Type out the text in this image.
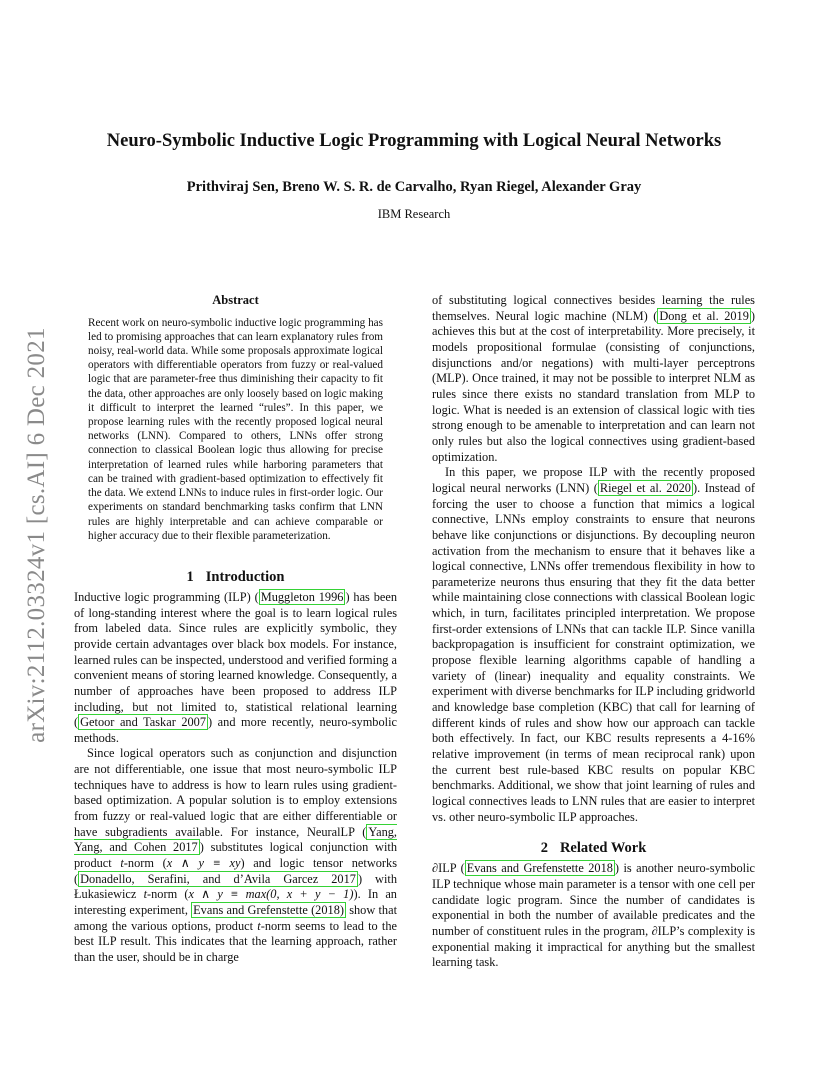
arXiv:2112.03324v1 [cs.AI] 6 Dec 2021
Neuro-Symbolic Inductive Logic Programming with Logical Neural Networks
Prithviraj Sen, Breno W. S. R. de Carvalho, Ryan Riegel, Alexander Gray
IBM Research
Abstract

Recent work on neuro-symbolic inductive logic programming has led to promising approaches that can learn explanatory rules from noisy, real-world data. While some proposals approximate logical operators with differentiable operators from fuzzy or real-valued logic that are parameter-free thus diminishing their capacity to fit the data, other approaches are only loosely based on logic making it difficult to interpret the learned “rules”. In this paper, we propose learning rules with the recently proposed logical neural networks (LNN). Compared to others, LNNs offer strong connection to classical Boolean logic thus allowing for precise interpretation of learned rules while harboring parameters that can be trained with gradient-based optimization to effectively fit the data. We extend LNNs to induce rules in first-order logic. Our experiments on standard benchmarking tasks confirm that LNN rules are highly interpretable and can achieve comparable or higher accuracy due to their flexible parameterization.

1 Introduction

Inductive logic programming (ILP) ( Muggleton 1996 ) has been of long-standing interest where the goal is to learn logical rules from labeled data. Since rules are explicitly symbolic, they provide certain advantages over black box models. For instance, learned rules can be inspected, understood and verified forming a convenient means of storing learned knowledge. Consequently, a number of approaches have been proposed to address ILP including, but not limited to, statistical relational learning ( Getoor and Taskar 2007 ) and more recently, neuro-symbolic methods.

Since logical operators such as conjunction and disjunction are not differentiable, one issue that most neuro-symbolic ILP techniques have to address is how to learn rules using gradient-based optimization. A popular solution is to employ extensions from fuzzy or real-valued logic that are either differentiable or have subgradients available. For instance, NeuralLP ( Yang, Yang, and Cohen 2017 ) substitutes logical conjunction with product t-norm (x ∧ y ≡ xy) and logic tensor networks ( Donadello, Serafini, and d’Avila Garcez 2017 ) with Łukasiewicz t-norm (x ∧ y ≡ max(0, x + y − 1)). In an interesting experiment, Evans and Grefenstette (2018) show that among the various options, product t-norm seems to lead to the best ILP result. This indicates that the learning approach, rather than the user, should be in charge

of substituting logical connectives besides learning the rules themselves. Neural logic machine (NLM) ( Dong et al. 2019 ) achieves this but at the cost of interpretability. More precisely, it models propositional formulae (consisting of conjunctions, disjunctions and/or negations) with multi-layer perceptrons (MLP). Once trained, it may not be possible to interpret NLM as rules since there exists no standard translation from MLP to logic. What is needed is an extension of classical logic with ties strong enough to be amenable to interpretation and can learn not only rules but also the logical connectives using gradient-based optimization.

In this paper, we propose ILP with the recently proposed logical neural nerworks (LNN) ( Riegel et al. 2020 ). Instead of forcing the user to choose a function that mimics a logical connective, LNNs employ constraints to ensure that neurons behave like conjunctions or disjunctions. By decoupling neuron activation from the mechanism to ensure that it behaves like a logical connective, LNNs offer tremendous flexibility in how to parameterize neurons thus ensuring that they fit the data better while maintaining close connections with classical Boolean logic which, in turn, facilitates principled interpretation. We propose first-order extensions of LNNs that can tackle ILP. Since vanilla backpropagation is insufficient for constraint optimization, we propose flexible learning algorithms capable of handling a variety of (linear) inequality and equality constraints. We experiment with diverse benchmarks for ILP including gridworld and knowledge base completion (KBC) that call for learning of different kinds of rules and show how our approach can tackle both effectively. In fact, our KBC results represents a 4-16% relative improvement (in terms of mean reciprocal rank) upon the current best rule-based KBC results on popular KBC benchmarks. Additional, we show that joint learning of rules and logical connectives leads to LNN rules that are easier to interpret vs. other neuro-symbolic ILP approaches.

2 Related Work

∂ILP ( Evans and Grefenstette 2018 ) is another neuro-symbolic ILP technique whose main parameter is a tensor with one cell per candidate logic program. Since the number of candidates is exponential in both the number of available predicates and the number of constituent rules in the program, ∂ILP’s complexity is exponential making it impractical for anything but the smallest learning task.
